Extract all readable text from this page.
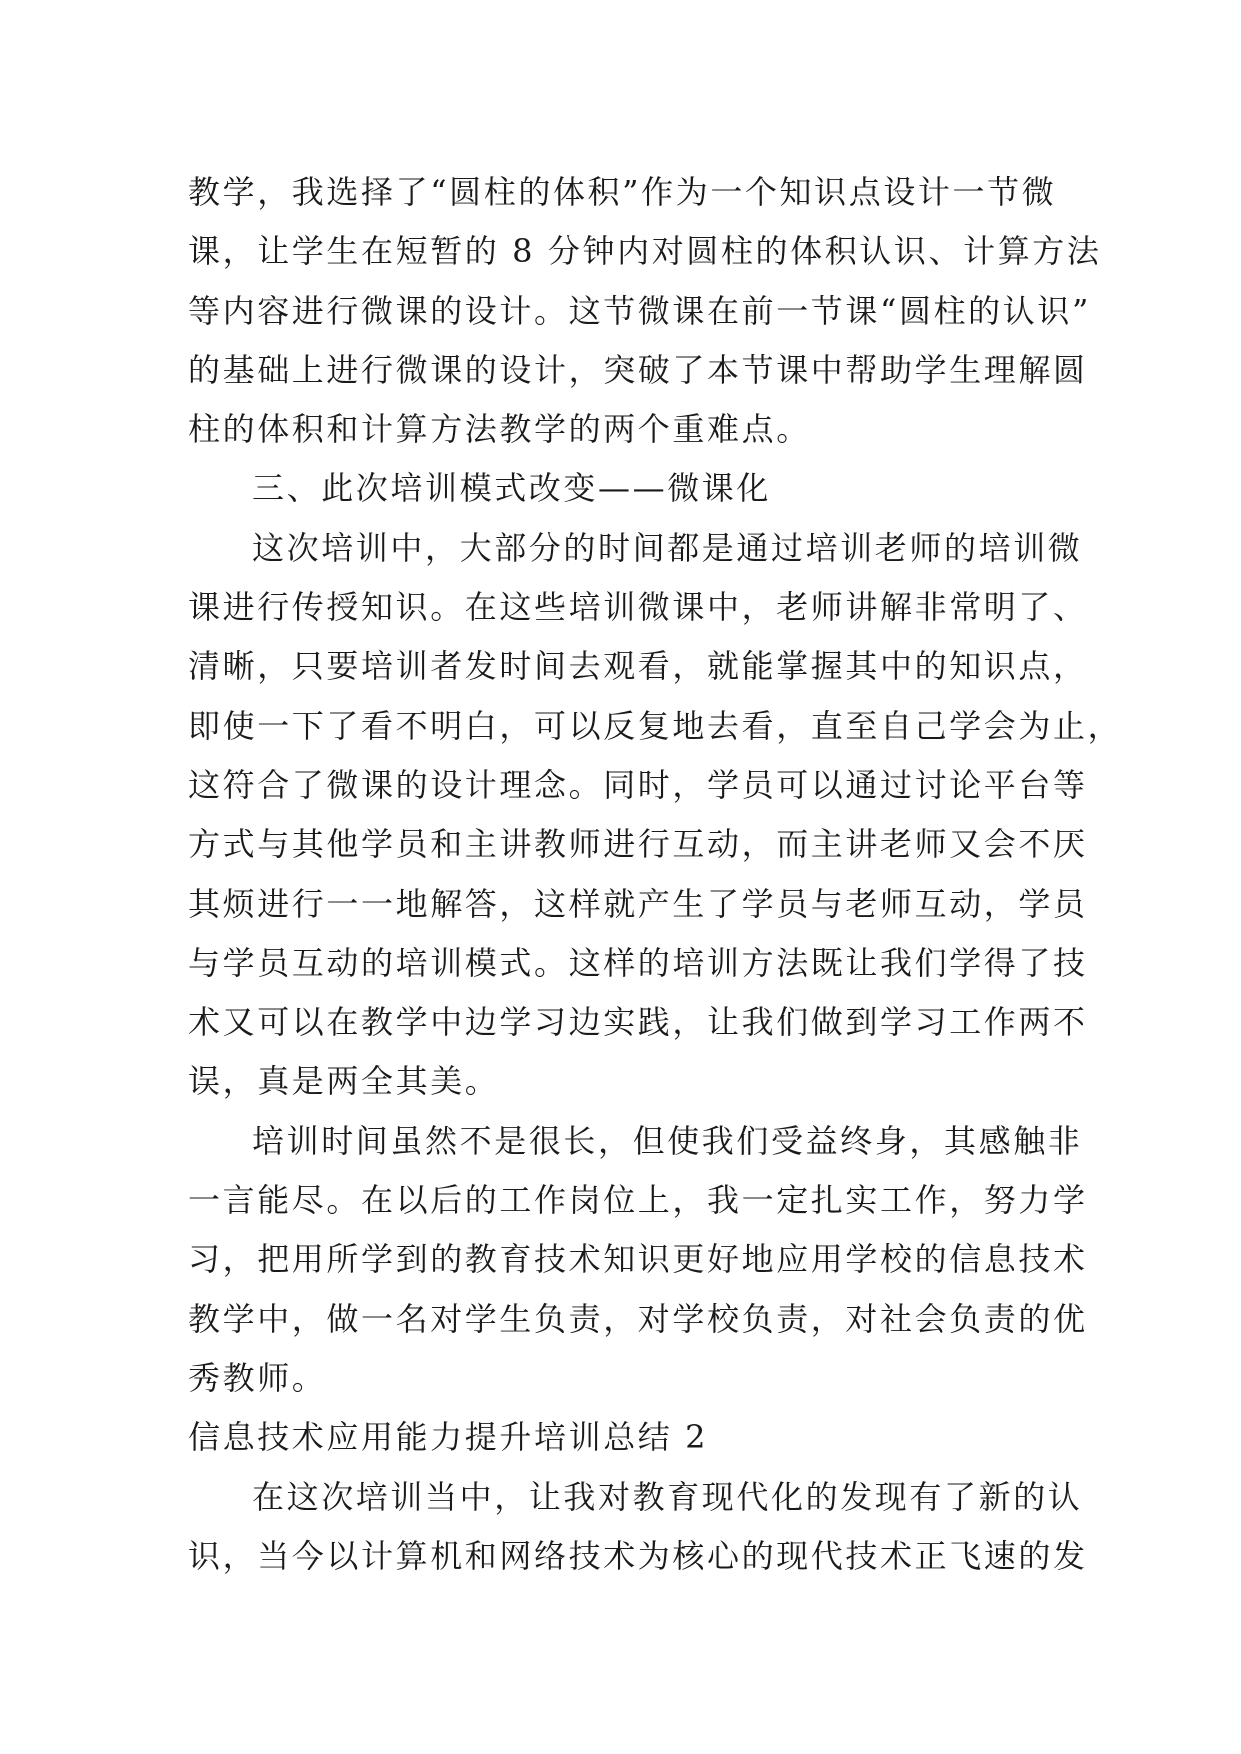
教学，我选择了“圆柱的体积”作为一个知识点设计一节微
课，让学生在短暂的 8 分钟内对圆柱的体积认识、计算方法
等内容进行微课的设计。这节微课在前一节课“圆柱的认识”
的基础上进行微课的设计，突破了本节课中帮助学生理解圆
柱的体积和计算方法教学的两个重难点。
三、此次培训模式改变——微课化
这次培训中，大部分的时间都是通过培训老师的培训微
课进行传授知识。在这些培训微课中，老师讲解非常明了、
清晰，只要培训者发时间去观看，就能掌握其中的知识点，
即使一下了看不明白，可以反复地去看，直至自己学会为止，
这符合了微课的设计理念。同时，学员可以通过讨论平台等
方式与其他学员和主讲教师进行互动，而主讲老师又会不厌
其烦进行一一地解答，这样就产生了学员与老师互动，学员
与学员互动的培训模式。这样的培训方法既让我们学得了技
术又可以在教学中边学习边实践，让我们做到学习工作两不
误，真是两全其美。
培训时间虽然不是很长，但使我们受益终身，其感触非
一言能尽。在以后的工作岗位上，我一定扎实工作，努力学
习，把用所学到的教育技术知识更好地应用学校的信息技术
教学中，做一名对学生负责，对学校负责，对社会负责的优
秀教师。
信息技术应用能力提升培训总结 2
在这次培训当中，让我对教育现代化的发现有了新的认
识，当今以计算机和网络技术为核心的现代技术正飞速的发
